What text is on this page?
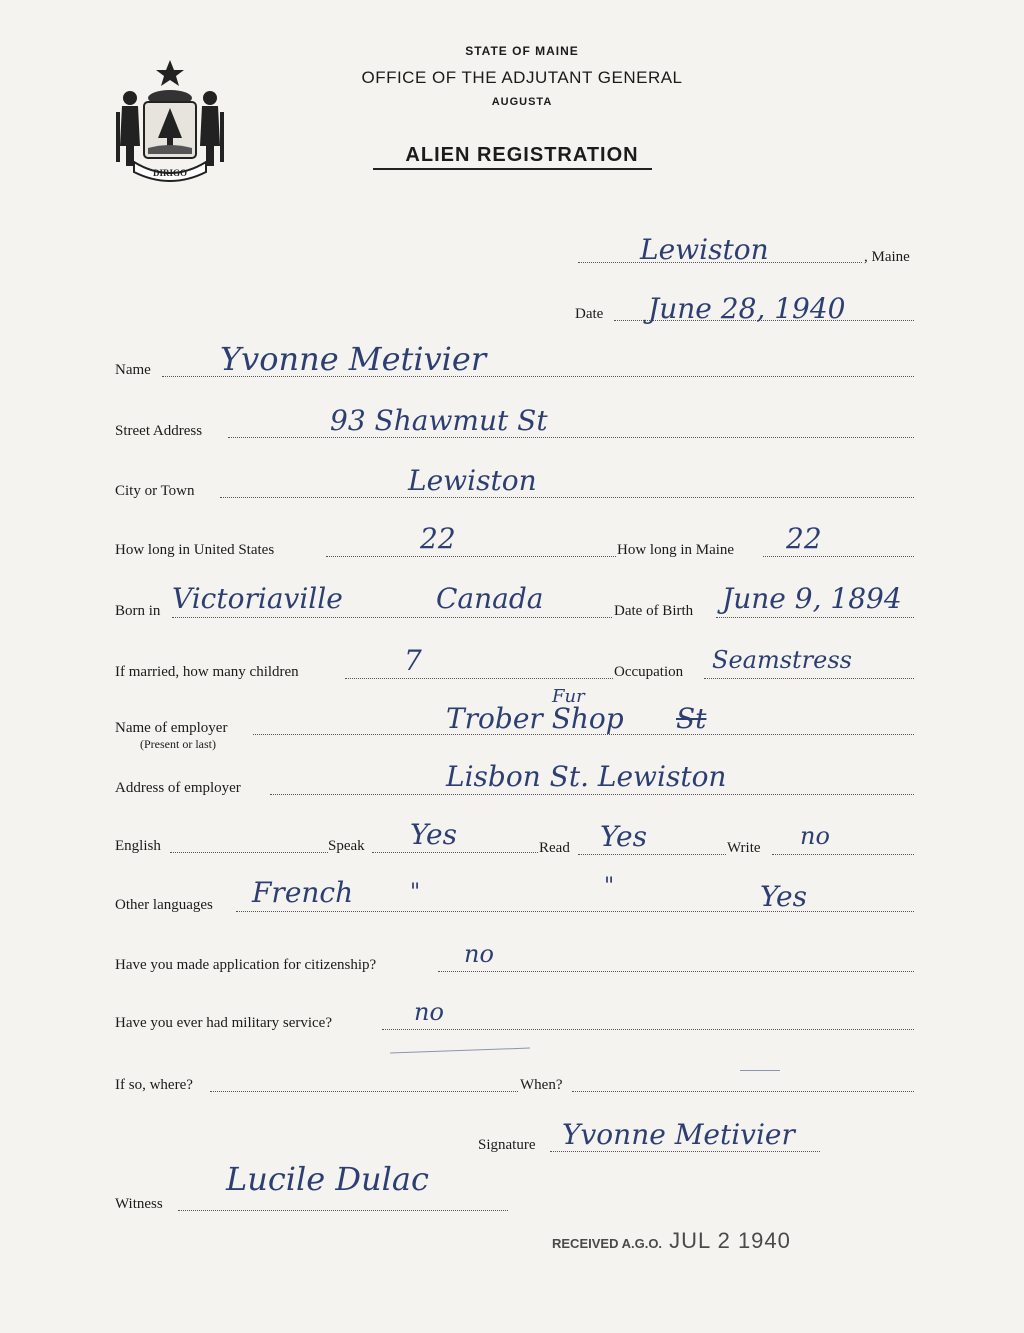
DIRIGO
STATE OF MAINE
OFFICE OF THE ADJUTANT GENERAL
AUGUSTA
ALIEN REGISTRATION
, Maine
Lewiston
Date June 28, 1940
Name Yvonne Metivier
Street Address	93 Shawmut St
City or Town	Lewiston
How long in United States	22	How long in Maine 22
Born in Victoriaville	Canada	Date of Birth June 9, 1894
If married, how many children	7	Occupation Seamstress
Name of employer
(Present or last)
Fur
Trober Shop St
Address of employer	Lisbon St. Lewiston
English	Speak Yes	Read Yes	Write no
Other languages French	"	"	Yes
Have you made application for citizenship?	no
Have you ever had military service?	no
If so, where?	When?
Signature Yvonne Metivier
Witness
Lucile Dulac
RECEIVED A.G.O. JUL 2 1940
